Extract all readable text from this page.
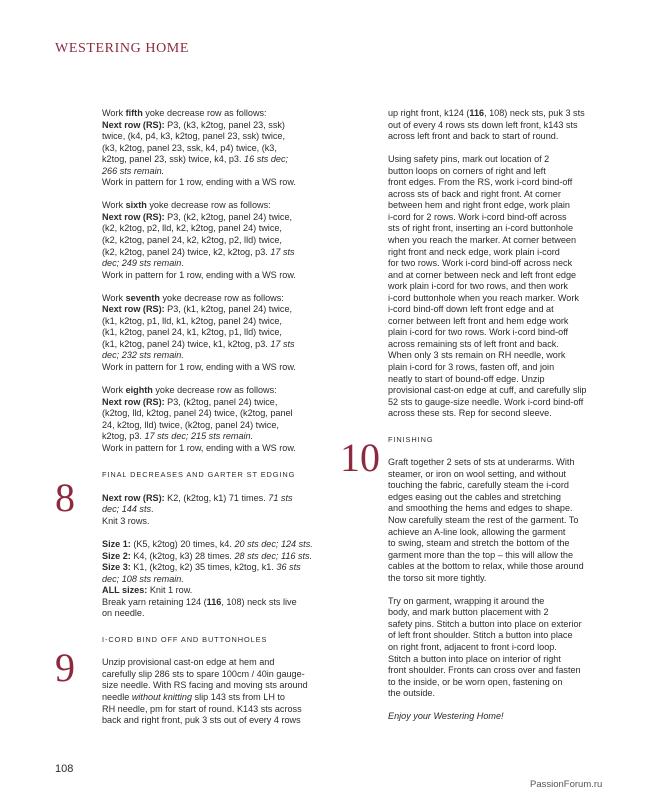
WESTERING HOME

Work fifth yoke decrease row as follows:
Next row (RS): P3, (k3, k2tog, panel 23, ssk)
twice, (k4, p4, k3, k2tog, panel 23, ssk) twice,
(k3, k2tog, panel 23, ssk, k4, p4) twice, (k3,
k2tog, panel 23, ssk) twice, k4, p3. 16 sts dec;
266 sts remain.
Work in pattern for 1 row, ending with a WS row.

Work sixth yoke decrease row as follows:
Next row (RS): P3, (k2, k2tog, panel 24) twice,
(k2, k2tog, p2, lld, k2, k2tog, panel 24) twice,
(k2, k2tog, panel 24, k2, k2tog, p2, lld) twice,
(k2, k2tog, panel 24) twice, k2, k2tog, p3. 17 sts
dec; 249 sts remain.
Work in pattern for 1 row, ending with a WS row.

Work seventh yoke decrease row as follows:
Next row (RS): P3, (k1, k2tog, panel 24) twice,
(k1, k2tog, p1, lld, k1, k2tog, panel 24) twice,
(k1, k2tog, panel 24, k1, k2tog, p1, lld) twice,
(k1, k2tog, panel 24) twice, k1, k2tog, p3. 17 sts
dec; 232 sts remain.
Work in pattern for 1 row, ending with a WS row.

Work eighth yoke decrease row as follows:
Next row (RS): P3, (k2tog, panel 24) twice,
(k2tog, lld, k2tog, panel 24) twice, (k2tog, panel
24, k2tog, lld) twice, (k2tog, panel 24) twice,
k2tog, p3. 17 sts dec; 215 sts remain.
Work in pattern for 1 row, ending with a WS row.

FINAL DECREASES AND GARTER ST EDGING

Next row (RS): K2, (k2tog, k1) 71 times. 71 sts
dec; 144 sts.
Knit 3 rows.

Size 1: (K5, k2tog) 20 times, k4. 20 sts dec; 124 sts.
Size 2: K4, (k2tog, k3) 28 times. 28 sts dec; 116 sts.
Size 3: K1, (k2tog, k2) 35 times, k2tog, k1. 36 sts
dec; 108 sts remain.
ALL sizes: Knit 1 row.
Break yarn retaining 124 (116, 108) neck sts live
on needle.

I-CORD BIND OFF AND BUTTONHOLES

Unzip provisional cast-on edge at hem and
carefully slip 286 sts to spare 100cm / 40in gauge-
size needle. With RS facing and moving sts around
needle without knitting slip 143 sts from LH to
RH needle, pm for start of round. K143 sts across
back and right front, puk 3 sts out of every 4 rows

8
9

up right front, k124 (116, 108) neck sts, puk 3 sts
out of every 4 rows sts down left front, k143 sts
across left front and back to start of round.

Using safety pins, mark out location of 2
button loops on corners of right and left
front edges. From the RS, work i-cord bind-off
across sts of back and right front. At corner
between hem and right front edge, work plain
i-cord for 2 rows. Work i-cord bind-off across
sts of right front, inserting an i-cord buttonhole
when you reach the marker. At corner between
right front and neck edge, work plain i-cord
for two rows. Work i-cord bind-off across neck
and at corner between neck and left front edge
work plain i-cord for two rows, and then work
i-cord buttonhole when you reach marker. Work
i-cord bind-off down left front edge and at
corner between left front and hem edge work
plain i-cord for two rows. Work i-cord bind-off
across remaining sts of left front and back.
When only 3 sts remain on RH needle, work
plain i-cord for 3 rows, fasten off, and join
neatly to start of bound-off edge. Unzip
provisional cast-on edge at cuff, and carefully slip
52 sts to gauge-size needle. Work i-cord bind-off
across these sts. Rep for second sleeve.

FINISHING

Graft together 2 sets of sts at underarms. With
steamer, or iron on wool setting, and without
touching the fabric, carefully steam the i-cord
edges easing out the cables and stretching
and smoothing the hems and edges to shape.
Now carefully steam the rest of the garment. To
achieve an A-line look, allowing the garment
to swing, steam and stretch the bottom of the
garment more than the top – this will allow the
cables at the bottom to relax, while those around
the torso sit more tightly.

Try on garment, wrapping it around the
body, and mark button placement with 2
safety pins. Stitch a button into place on exterior
of left front shoulder. Stitch a button into place
on right front, adjacent to front i-cord loop.
Stitch a button into place on interior of right
front shoulder. Fronts can cross over and fasten
to the inside, or be worn open, fastening on
the outside.

Enjoy your Westering Home!

10
108
PassionForum.ru
